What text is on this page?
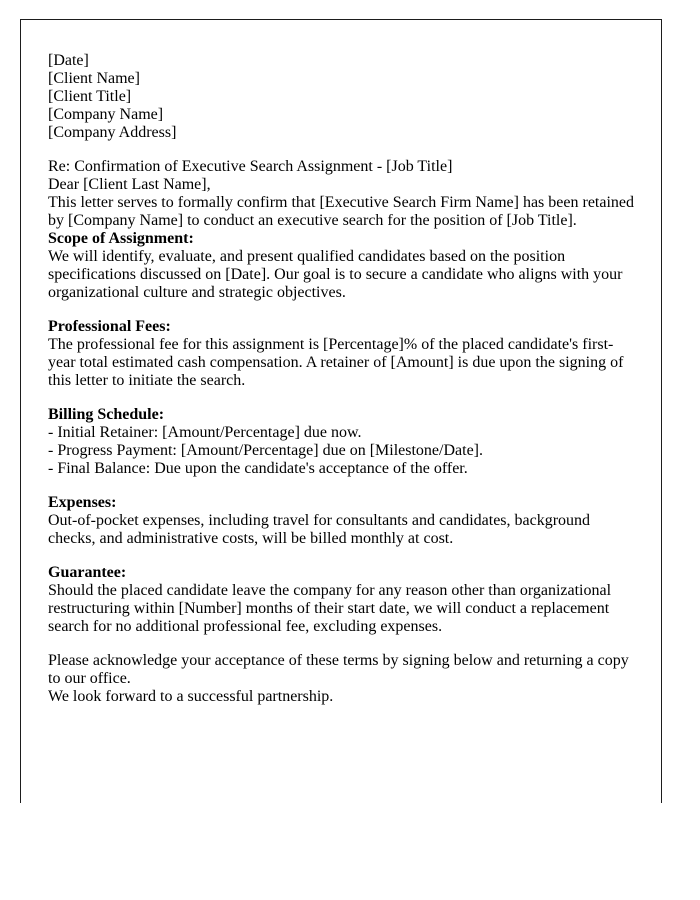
[Date]

[Client Name]
[Client Title]
[Company Name]
[Company Address]

Re: Confirmation of Executive Search Assignment - [Job Title]

Dear [Client Last Name],

This letter serves to formally confirm that [Executive Search Firm Name] has been retained by [Company Name] to conduct an executive search for the position of [Job Title].

Scope of Assignment:
We will identify, evaluate, and present qualified candidates based on the position specifications discussed on [Date]. Our goal is to secure a candidate who aligns with your organizational culture and strategic objectives.
Professional Fees:
The professional fee for this assignment is [Percentage]% of the placed candidate's first-year total estimated cash compensation. A retainer of [Amount] is due upon the signing of this letter to initiate the search.
Billing Schedule:
- Initial Retainer: [Amount/Percentage] due now.
- Progress Payment: [Amount/Percentage] due on [Milestone/Date].
- Final Balance: Due upon the candidate's acceptance of the offer.
Expenses:
Out-of-pocket expenses, including travel for consultants and candidates, background checks, and administrative costs, will be billed monthly at cost.
Guarantee:
Should the placed candidate leave the company for any reason other than organizational restructuring within [Number] months of their start date, we will conduct a replacement search for no additional professional fee, excluding expenses.

Please acknowledge your acceptance of these terms by signing below and returning a copy to our office.

We look forward to a successful partnership.
